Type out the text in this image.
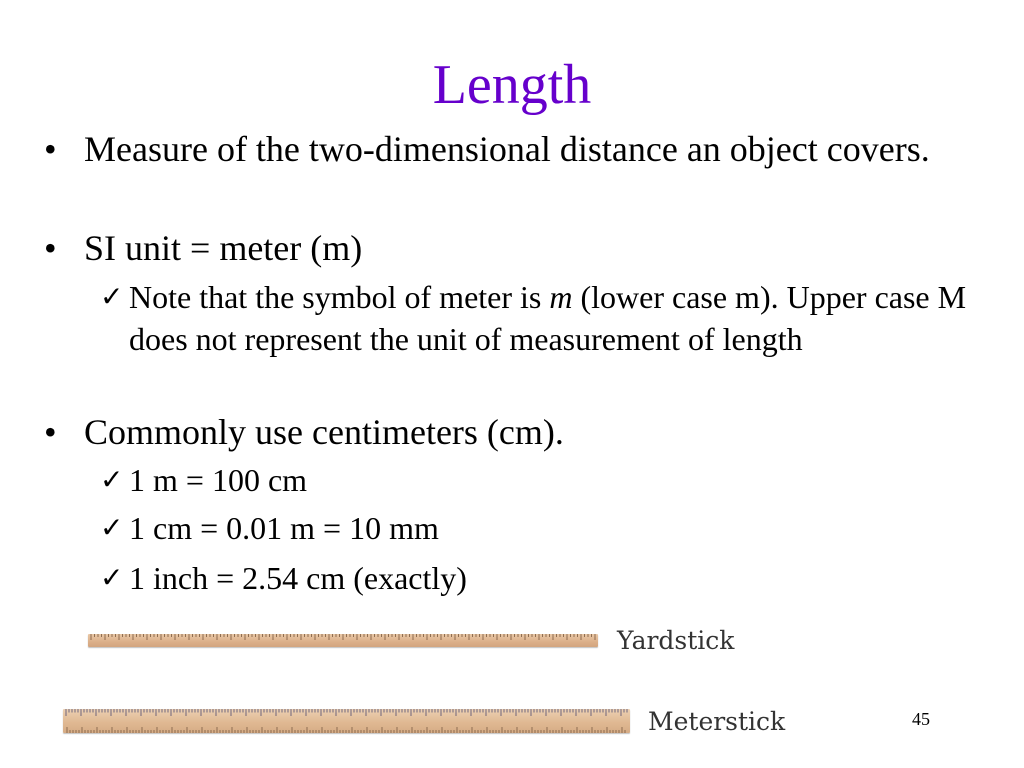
Length
• Measure of the two-dimensional distance an object covers.
• SI unit = meter (m)
✓ Note that the symbol of meter is m (lower case m). Upper case M does not represent the unit of measurement of length
• Commonly use centimeters (cm).
✓ 1 m = 100 cm
✓ 1 cm = 0.01 m = 10 mm
✓ 1 inch = 2.54 cm (exactly)
Yardstick
Meterstick	45
